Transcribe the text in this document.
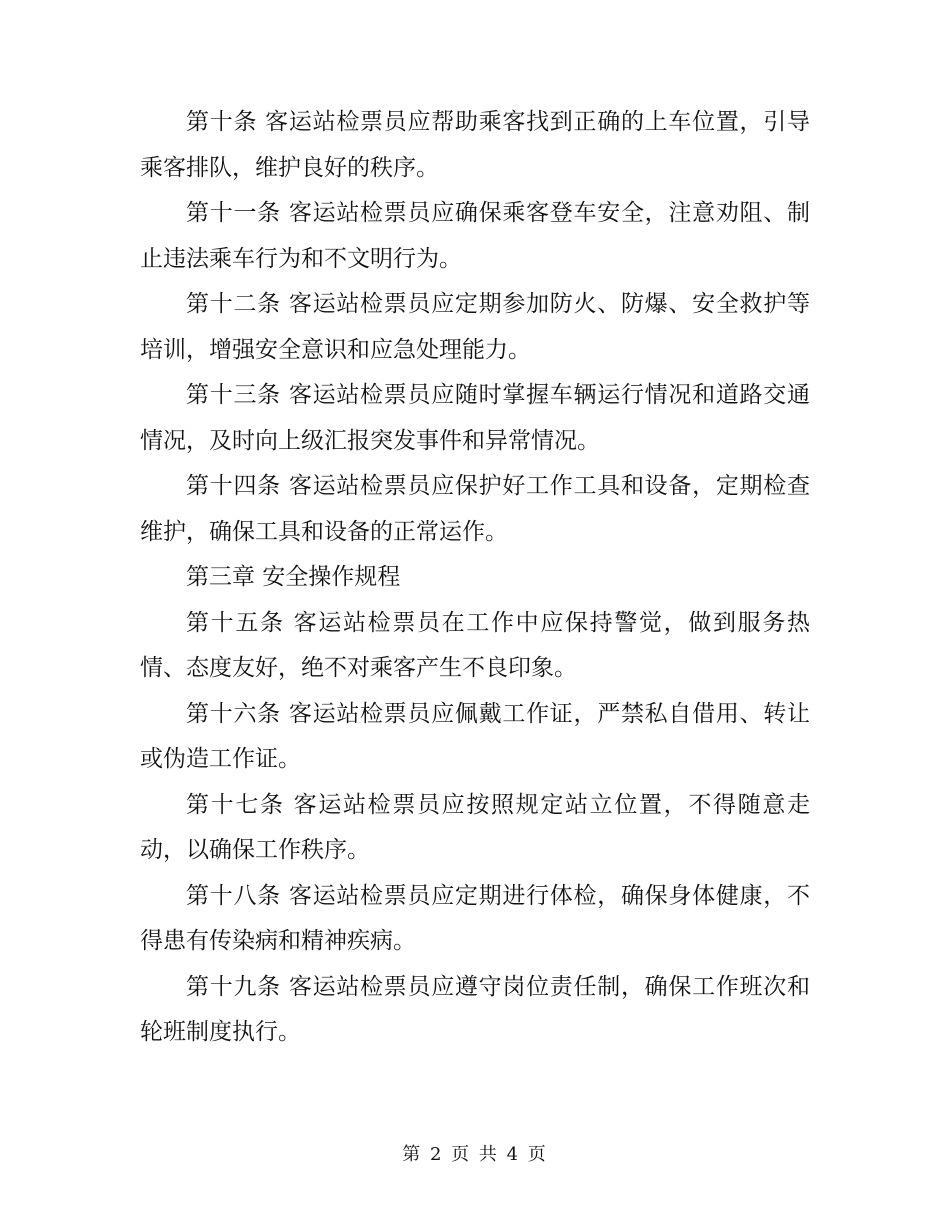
第十条 客运站检票员应帮助乘客找到正确的上车位置，引导乘客排队，维护良好的秩序。

第十一条 客运站检票员应确保乘客登车安全，注意劝阻、制止违法乘车行为和不文明行为。

第十二条 客运站检票员应定期参加防火、防爆、安全救护等培训，增强安全意识和应急处理能力。

第十三条 客运站检票员应随时掌握车辆运行情况和道路交通情况，及时向上级汇报突发事件和异常情况。

第十四条 客运站检票员应保护好工作工具和设备，定期检查维护，确保工具和设备的正常运作。

第三章 安全操作规程

第十五条 客运站检票员在工作中应保持警觉，做到服务热情、态度友好，绝不对乘客产生不良印象。

第十六条 客运站检票员应佩戴工作证，严禁私自借用、转让或伪造工作证。

第十七条 客运站检票员应按照规定站立位置，不得随意走动，以确保工作秩序。

第十八条 客运站检票员应定期进行体检，确保身体健康，不得患有传染病和精神疾病。

第十九条 客运站检票员应遵守岗位责任制，确保工作班次和轮班制度执行。

第 2 页 共 4 页
